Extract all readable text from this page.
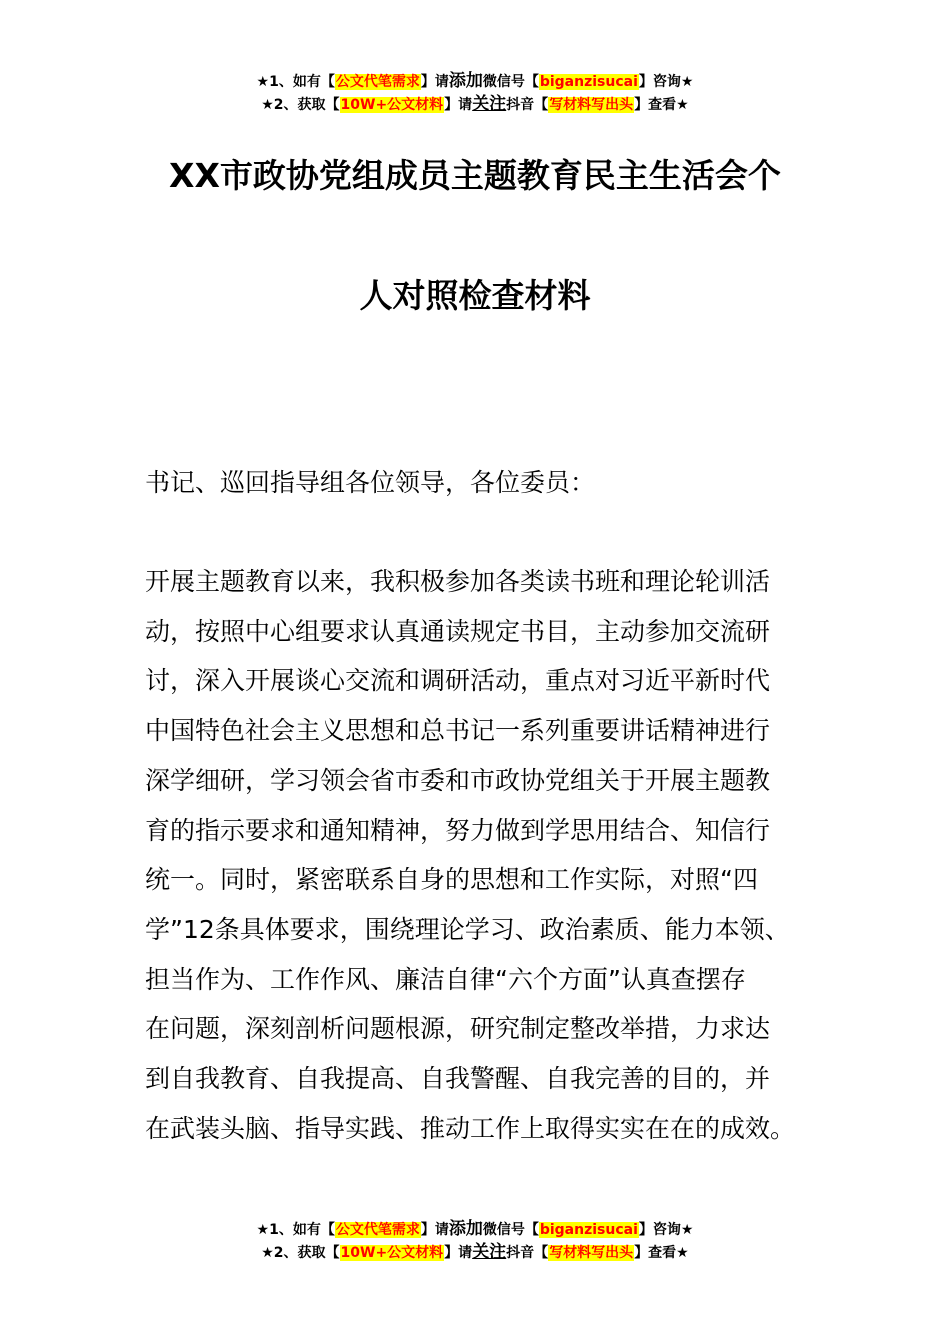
★1、如有【公文代笔需求】请添加微信号【biganzisucai】咨询★
★2、获取【10W+公文材料】请关注抖音【写材料写出头】查看★
XX市政协党组成员主题教育民主生活会个
人对照检查材料
书记、巡回指导组各位领导，各位委员：
开展主题教育以来，我积极参加各类读书班和理论轮训活
动，按照中心组要求认真通读规定书目，主动参加交流研
讨，深入开展谈心交流和调研活动，重点对习近平新时代
中国特色社会主义思想和总书记一系列重要讲话精神进行
深学细研，学习领会省市委和市政协党组关于开展主题教
育的指示要求和通知精神，努力做到学思用结合、知信行
统一。同时，紧密联系自身的思想和工作实际，对照“四
学”12条具体要求，围绕理论学习、政治素质、能力本领、
担当作为、工作作风、廉洁自律“六个方面”认真查摆存
在问题，深刻剖析问题根源，研究制定整改举措，力求达
到自我教育、自我提高、自我警醒、自我完善的目的，并
在武装头脑、指导实践、推动工作上取得实实在在的成效。
★1、如有【公文代笔需求】请添加微信号【biganzisucai】咨询★
★2、获取【10W+公文材料】请关注抖音【写材料写出头】查看★
